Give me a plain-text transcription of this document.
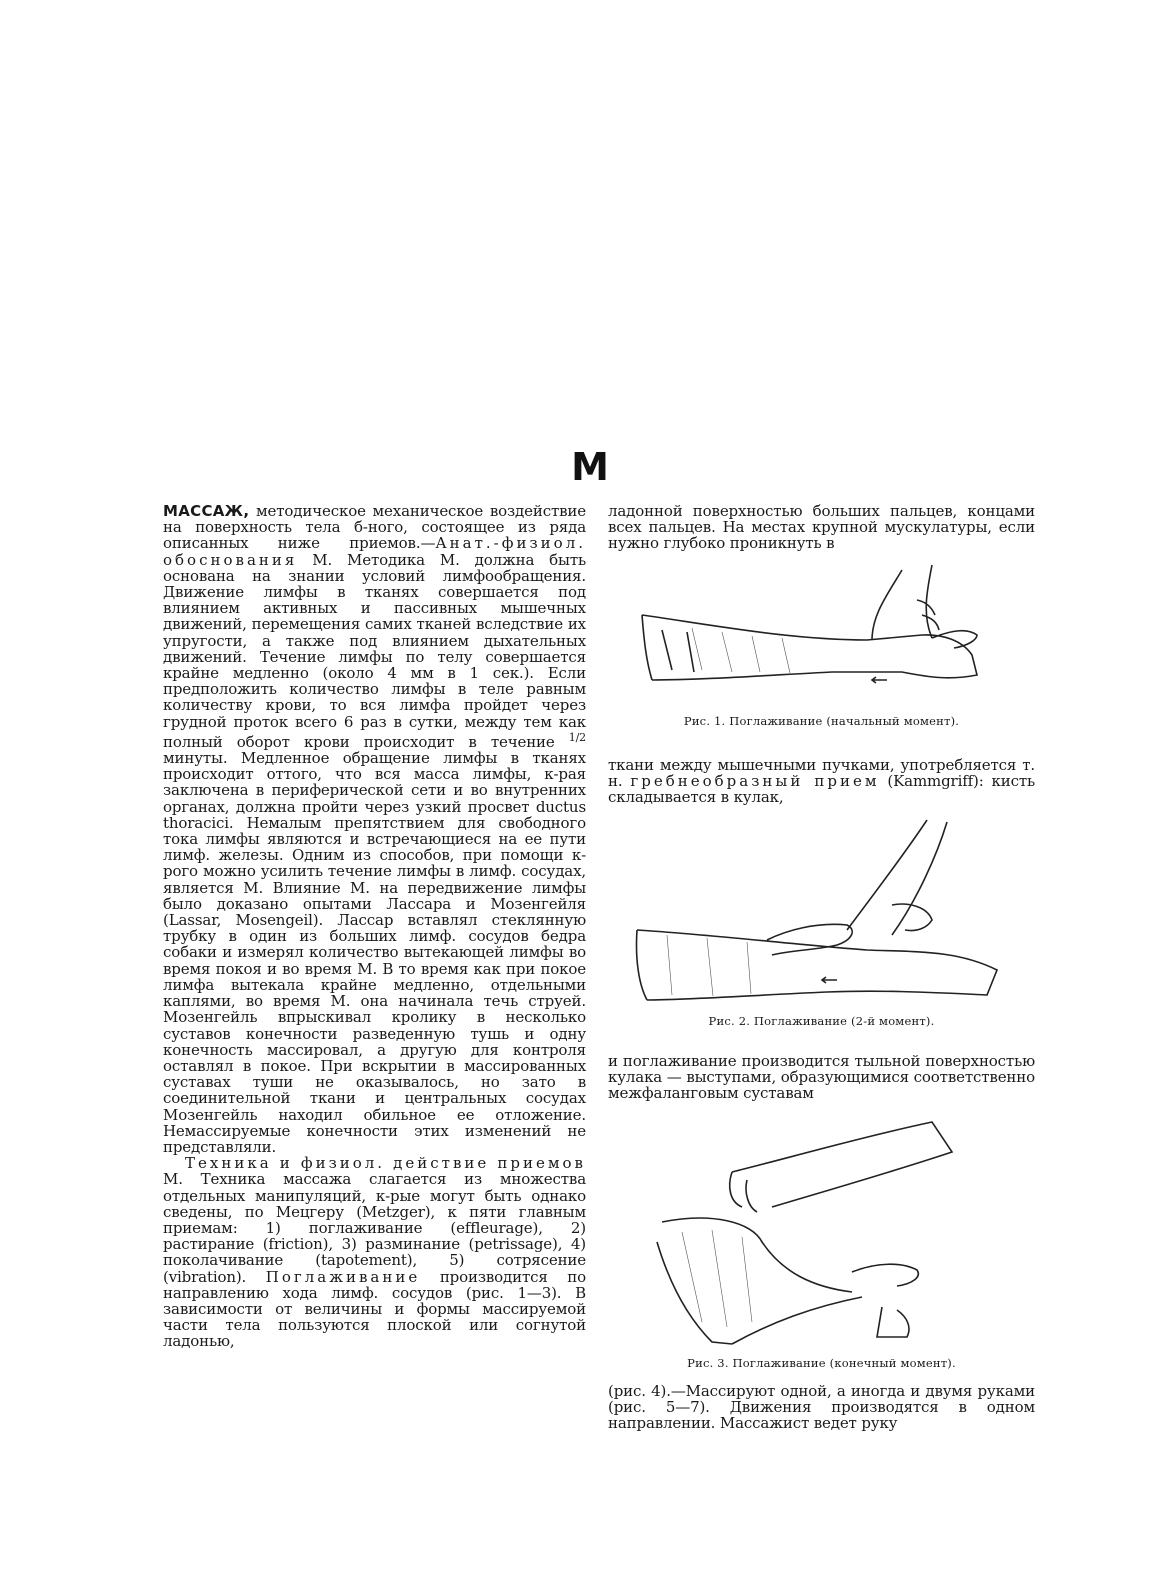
М

МАССАЖ, методическое механическое воздействие на поверхность тела б-ного, состоящее из ряда описанных ниже приемов.—Анат.-физиол. обоснования М. Методика М. должна быть основана на знании условий лимфообращения. Движение лимфы в тканях совершается под влиянием активных и пассивных мышечных движений, перемещения самих тканей вследствие их упругости, а также под влиянием дыхательных движений. Течение лимфы по телу совершается крайне медленно (около 4 мм в 1 сек.). Если предположить количество лимфы в теле равным количеству крови, то вся лимфа пройдет через грудной проток всего 6 раз в сутки, между тем как полный оборот крови происходит в течение $^{1/2}$ минуты. Медленное обращение лимфы в тканях происходит оттого, что вся масса лимфы, к-рая заключена в периферической сети и во внутренних органах, должна пройти через узкий просвет ductus thoracici. Немалым препятствием для свободного тока лимфы являются и встречающиеся на ее пути лимф. железы. Одним из способов, при помощи к-рого можно усилить течение лимфы в лимф. сосудах, является М. Влияние М. на передвижение лимфы было доказано опытами Лассара и Мозенгейля (Lassar, Mosengeil). Лассар вставлял стеклянную трубку в один из больших лимф. сосудов бедра собаки и измерял количество вытекающей лимфы во время покоя и во время М. В то время как при покое лимфа вытекала крайне медленно, отдельными каплями, во время М. она начинала течь струей. Мозенгейль впрыскивал кролику в несколько суставов конечности разведенную тушь и одну конечность массировал, а другую для контроля оставлял в покое. При вскрытии в массированных суставах туши не оказывалось, но зато в соединительной ткани и центральных сосудах Мозенгейль находил обильное ее отложение. Немассируемые конечности этих изменений не представляли.

Техника и физиол. действие приемов М. Техника массажа слагается из множества отдельных манипуляций, к-рые могут быть однако сведены, по Мецгеру (Metzger), к пяти главным приемам: 1) поглаживание (effleurage), 2) растирание (friction), 3) разминание (petrissage), 4) поколачивание (tapotement), 5) сотрясение (vibration). Поглаживание производится по направлению хода лимф. сосудов (рис. 1—3). В зависимости от величины и формы массируемой части тела пользуются плоской или согнутой ладонью,

ладонной поверхностью больших пальцев, концами всех пальцев. На местах крупной мускулатуры, если нужно глубоко проникнуть в

Рис. 1. Поглаживание (начальный момент).

ткани между мышечными пучками, употребляется т. н. гребнеобразный прием (Kammgriff): кисть складывается в кулак,

Рис. 2. Поглаживание (2-й момент).

и поглаживание производится тыльной поверхностью кулака — выступами, образующимися соответственно межфаланговым суставам

Рис. 3. Поглаживание (конечный момент).

(рис. 4).—Массируют одной, а иногда и двумя руками (рис. 5—7). Движения производятся в одном направлении. Массажист ведет руку
